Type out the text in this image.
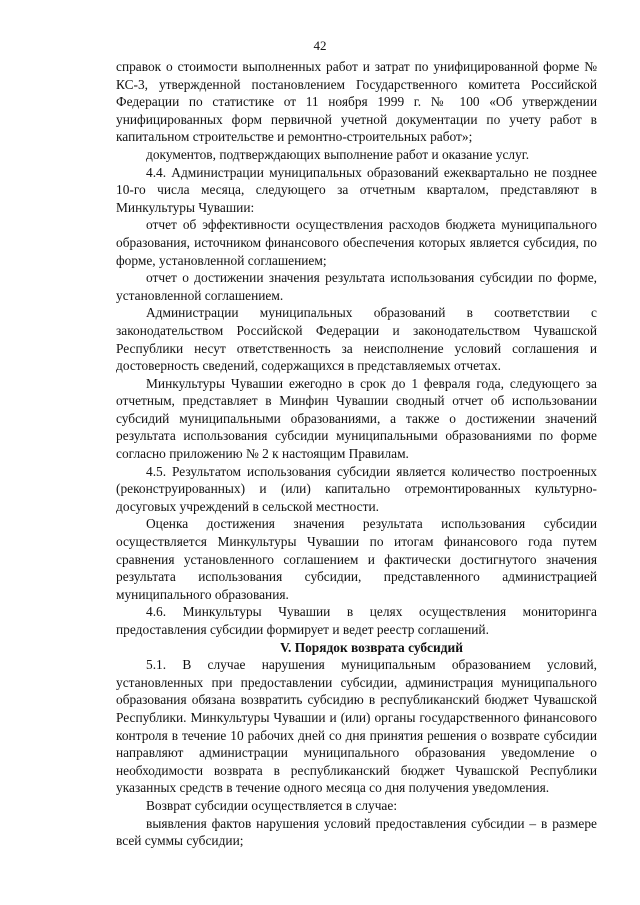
42

справок о стоимости выполненных работ и затрат по унифицированной форме № КС-3, утвержденной постановлением Государственного комитета Российской Федерации по статистике от 11 ноября 1999 г. № 100 «Об утверждении унифицированных форм первичной учетной документации по учету работ в капитальном строительстве и ремонтно-строительных работ»;

документов, подтверждающих выполнение работ и оказание услуг.

4.4. Администрации муниципальных образований ежеквартально не позднее 10-го числа месяца, следующего за отчетным кварталом, представляют в Минкультуры Чувашии:

отчет об эффективности осуществления расходов бюджета муниципального образования, источником финансового обеспечения которых является субсидия, по форме, установленной соглашением;

отчет о достижении значения результата использования субсидии по форме, установленной соглашением.

Администрации муниципальных образований в соответствии с законодательством Российской Федерации и законодательством Чувашской Республики несут ответственность за неисполнение условий соглашения и достоверность сведений, содержащихся в представляемых отчетах.

Минкультуры Чувашии ежегодно в срок до 1 февраля года, следующего за отчетным, представляет в Минфин Чувашии сводный отчет об использовании субсидий муниципальными образованиями, а также о достижении значений результата использования субсидии муниципальными образованиями по форме согласно приложению № 2 к настоящим Правилам.

4.5. Результатом использования субсидии является количество построенных (реконструированных) и (или) капитально отремонтированных культурно-досуговых учреждений в сельской местности.

Оценка достижения значения результата использования субсидии осуществляется Минкультуры Чувашии по итогам финансового года путем сравнения установленного соглашением и фактически достигнутого значения результата использования субсидии, представленного администрацией муниципального образования.

4.6. Минкультуры Чувашии в целях осуществления мониторинга предоставления субсидии формирует и ведет реестр соглашений.

V. Порядок возврата субсидий

5.1. В случае нарушения муниципальным образованием условий, установленных при предоставлении субсидии, администрация муниципального образования обязана возвратить субсидию в республиканский бюджет Чувашской Республики. Минкультуры Чувашии и (или) органы государственного финансового контроля в течение 10 рабочих дней со дня принятия решения о возврате субсидии направляют администрации муниципального образования уведомление о необходимости возврата в республиканский бюджет Чувашской Республики указанных средств в течение одного месяца со дня получения уведомления.

Возврат субсидии осуществляется в случае:

выявления фактов нарушения условий предоставления субсидии – в размере всей суммы субсидии;
